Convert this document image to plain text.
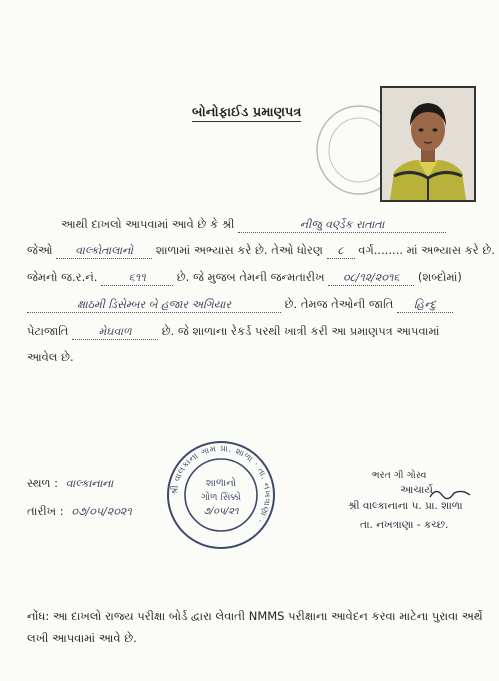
બોનોફાઈડ પ્રમાણપત્ર
આથી દાખલો આપવામાં આવે છે કે શ્રી	નીજુ વર્ણ્ડેક રાતાતા
જેઓ વાલ્કોતાલાનો શાળામાં અભ્યાસ કરે છે. તેઓ ધોરણ ૮ વર્ગ........ માં અભ્યાસ કરે છે.
જેમનો જ.ર.નં.	૬૧૧	છે. જે મુજબ તેમની જન્મતારીખ ૦૮/૧૨/૨૦૧૬ (શબ્દોમાં)
ક્ષાઠમી ડિસેમ્બર બે હજાર અગિયાર	છે. તેમજ તેઓની જાતિ હિન્દુ
પેટાજાતિ	મેઘવાળ	છે. જે શાળાના રેકર્ડ પરથી ખાત્રી કરી આ પ્રમાણપત્ર આપવામાં
આવેલ છે.
સ્થળ : વાલ્કાનાના
તારીખ : ૦૭/૦૫/૨૦૨૧
શ્રી વાલકાના ગામ પ્રા. શાળા · તા. નખત્રાણા ·
શાળાનો
ગોળ સિક્કો
૭/૦૫/૨૧
ભરત ગી ગોસ્વ
આચાર્ય
શ્રી વાલ્કાનાના પ. પ્રા. શાળા
તા. નખત્રાણા - કચ્છ.
નોંધ: આ દાખલો રાજ્ય પરીક્ષા બોર્ડ દ્વારા લેવાતી NMMS પરીક્ષાના આવેદન કરવા માટેના પુરાવા અર્થે લખી આપવામાં આવે છે.
